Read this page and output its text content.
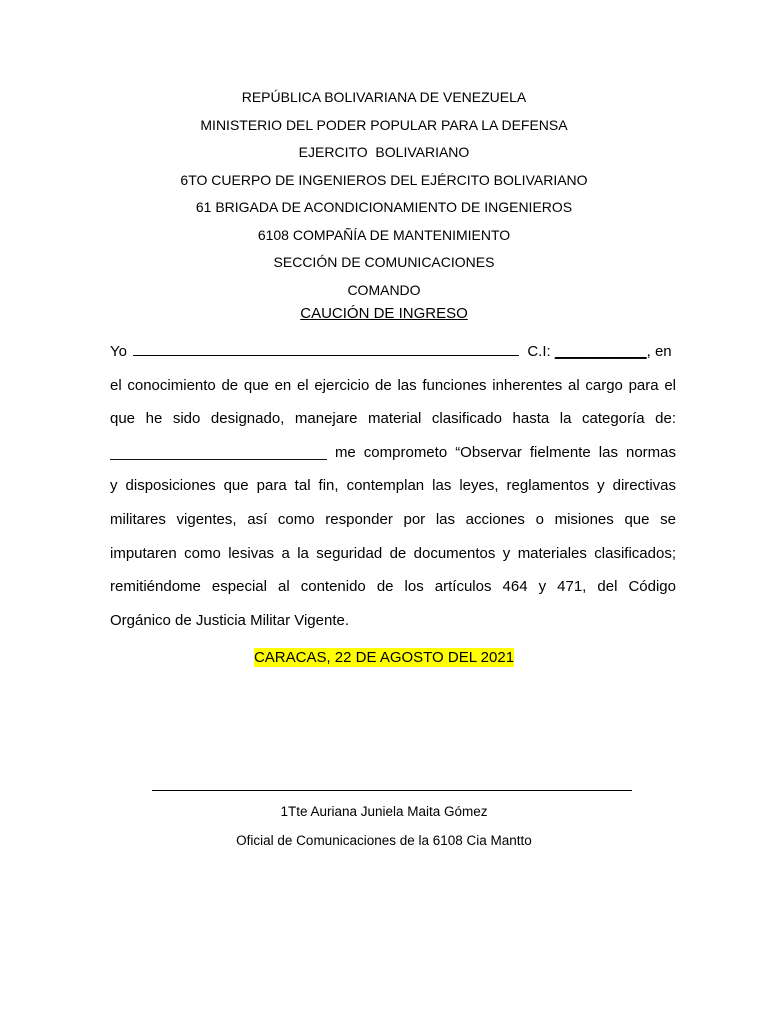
REPÚBLICA BOLIVARIANA DE VENEZUELA
MINISTERIO DEL PODER POPULAR PARA LA DEFENSA
EJERCITO  BOLIVARIANO
6TO CUERPO DE INGENIEROS DEL EJÉRCITO BOLIVARIANO
61 BRIGADA DE ACONDICIONAMIENTO DE INGENIEROS
6108 COMPAÑÍA DE MANTENIMIENTO
SECCIÓN DE COMUNICACIONES
COMANDO
CAUCIÓN DE INGRESO
Yo	C.I: ___________, en
el conocimiento de que en el ejercicio de las funciones inherentes al cargo para el
que he sido designado, manejare material clasificado hasta la categoría de:
__________________________ me comprometo “Observar fielmente las normas
y disposiciones que para tal fin, contemplan las leyes, reglamentos y directivas
militares vigentes, así como responder por las acciones o misiones que se
imputaren como lesivas a la seguridad de documentos y materiales clasificados;
remitiéndome especial al contenido de los artículos 464 y 471, del Código
Orgánico de Justicia Militar Vigente.
CARACAS, 22 DE AGOSTO DEL 2021
1Tte Auriana Juniela Maita Gómez
Oficial de Comunicaciones de la 6108 Cia Mantto
